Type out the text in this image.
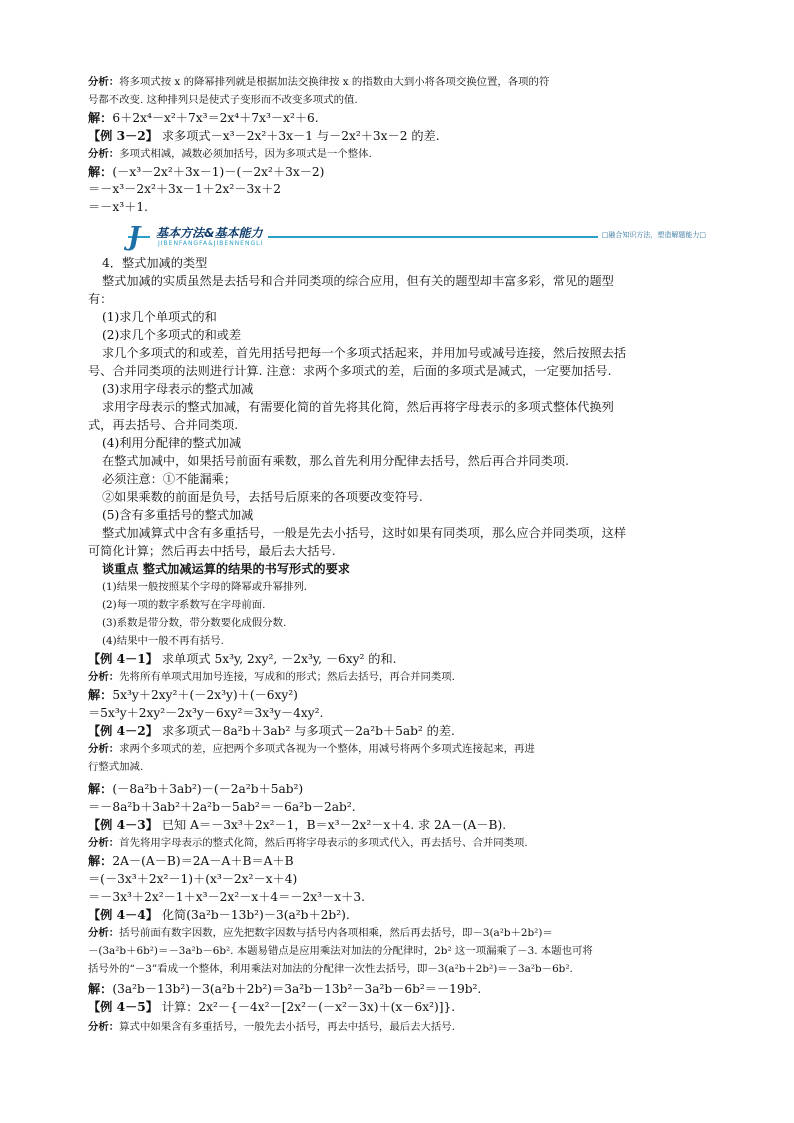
分析：将多项式按 x 的降幂排列就是根据加法交换律按 x 的指数由大到小将各项交换位置，各项的符
号都不改变. 这种排列只是使式子变形而不改变多项式的值.
解：6＋2x⁴－x²＋7x³＝2x⁴＋7x³－x²＋6.
【例 3－2】 求多项式－x³－2x²＋3x－1 与－2x²＋3x－2 的差.
分析：多项式相减，减数必须加括号，因为多项式是一个整体.
解：(－x³－2x²＋3x－1)－(－2x²＋3x－2)
＝－x³－2x²＋3x－1＋2x²－3x＋2
＝－x³＋1.
J	基本方法&基本能力
JIBENFANGFA&JIBENNENGLI
□融合知识方法，塑造解题能力□
4．整式加减的类型
整式加减的实质虽然是去括号和合并同类项的综合应用，但有关的题型却丰富多彩，常见的题型
有：
(1)求几个单项式的和
(2)求几个多项式的和或差
求几个多项式的和或差，首先用括号把每一个多项式括起来，并用加号或减号连接，然后按照去括
号、合并同类项的法则进行计算. 注意：求两个多项式的差，后面的多项式是减式，一定要加括号.
(3)求用字母表示的整式加减
求用字母表示的整式加减，有需要化简的首先将其化简，然后再将字母表示的多项式整体代换列
式，再去括号、合并同类项.
(4)利用分配律的整式加减
在整式加减中，如果括号前面有乘数，那么首先利用分配律去括号，然后再合并同类项.
必须注意：①不能漏乘；
②如果乘数的前面是负号，去括号后原来的各项要改变符号.
(5)含有多重括号的整式加减
整式加减算式中含有多重括号，一般是先去小括号，这时如果有同类项，那么应合并同类项，这样
可简化计算；然后再去中括号，最后去大括号.
谈重点 整式加减运算的结果的书写形式的要求
(1)结果一般按照某个字母的降幂或升幂排列.
(2)每一项的数字系数写在字母前面.
(3)系数是带分数，带分数要化成假分数.
(4)结果中一般不再有括号.
【例 4－1】 求单项式 5x³y, 2xy², －2x³y, －6xy² 的和.
分析：先将所有单项式用加号连接，写成和的形式；然后去括号，再合并同类项.
解：5x³y＋2xy²＋(－2x³y)＋(－6xy²)
＝5x³y＋2xy²－2x³y－6xy²＝3x³y－4xy².
【例 4－2】 求多项式－8a²b＋3ab² 与多项式－2a²b＋5ab² 的差.
分析：求两个多项式的差，应把两个多项式各视为一个整体，用减号将两个多项式连接起来，再进
行整式加减.
解：(－8a²b＋3ab²)－(－2a²b＋5ab²)
＝－8a²b＋3ab²＋2a²b－5ab²＝－6a²b－2ab².
【例 4－3】 已知 A＝－3x³＋2x²－1，B＝x³－2x²－x＋4. 求 2A－(A－B).
分析：首先将用字母表示的整式化简，然后再将字母表示的多项式代入，再去括号、合并同类项.
解：2A－(A－B)＝2A－A＋B＝A＋B
＝(－3x³＋2x²－1)＋(x³－2x²－x＋4)
＝－3x³＋2x²－1＋x³－2x²－x＋4＝－2x³－x＋3.
【例 4－4】 化简(3a²b－13b²)－3(a²b＋2b²).
分析：括号前面有数字因数，应先把数字因数与括号内各项相乘，然后再去括号，即－3(a²b＋2b²)＝
－(3a²b＋6b²)＝－3a²b－6b². 本题易错点是应用乘法对加法的分配律时，2b² 这一项漏乘了－3. 本题也可将
括号外的“－3”看成一个整体，利用乘法对加法的分配律一次性去括号，即－3(a²b＋2b²)＝－3a²b－6b².
解：(3a²b－13b²)－3(a²b＋2b²)＝3a²b－13b²－3a²b－6b²＝－19b².
【例 4－5】 计算：2x²－{－4x²－[2x²－(－x²－3x)＋(x－6x²)]}.
分析：算式中如果含有多重括号，一般先去小括号，再去中括号，最后去大括号.
